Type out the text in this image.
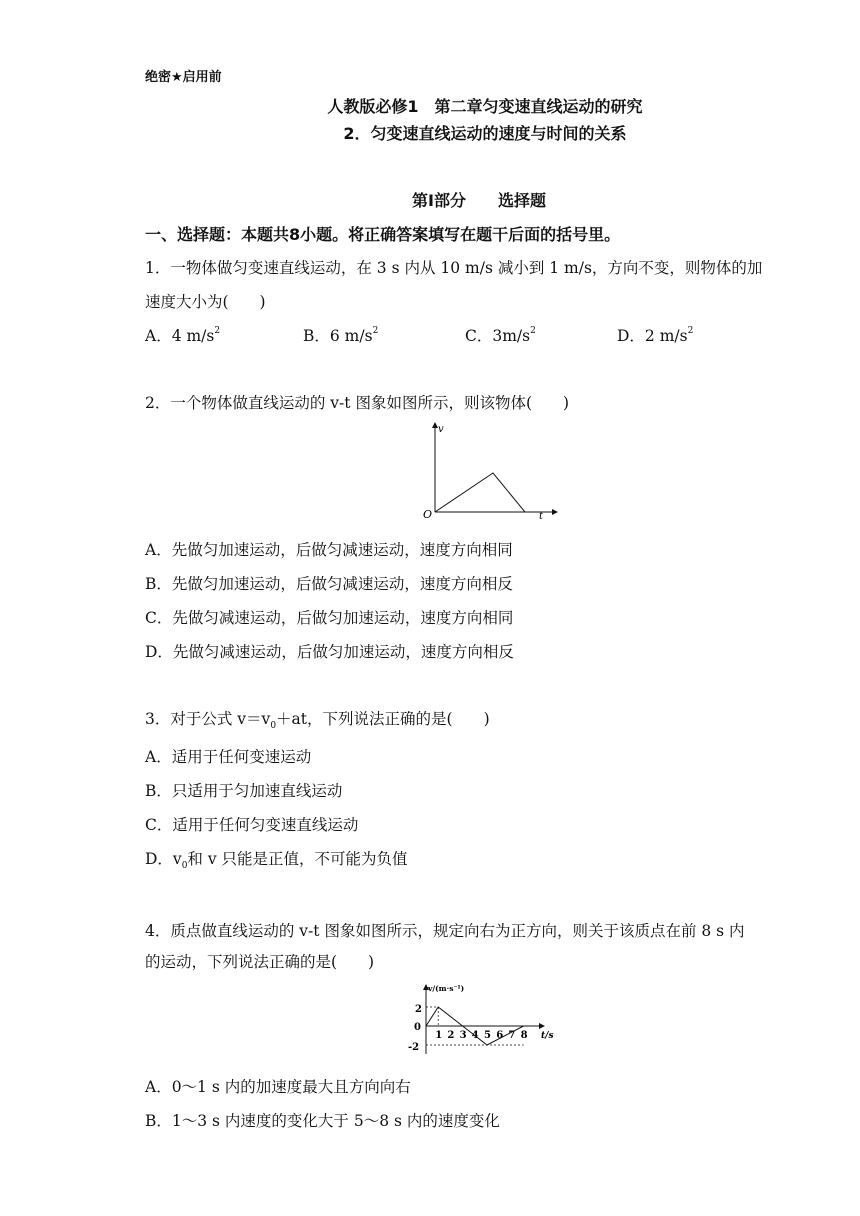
绝密★启用前
人教版必修1　第二章匀变速直线运动的研究
2．匀变速直线运动的速度与时间的关系
第Ⅰ部分　　选择题
一、选择题：本题共8小题。将正确答案填写在题干后面的括号里。
1．一物体做匀变速直线运动，在 3 s 内从 10 m/s 减小到 1 m/s，方向不变，则物体的加
速度大小为(　　)
A．4 $m/s^2$	B．6 $m/s^2$	C．$3m/s^2$	D．2 $m/s^2$
2．一个物体做直线运动的 v-t 图象如图所示，则该物体(　　)
v
t
O
A．先做匀加速运动，后做匀减速运动，速度方向相同
B．先做匀加速运动，后做匀减速运动，速度方向相反
C．先做匀减速运动，后做匀加速运动，速度方向相同
D．先做匀减速运动，后做匀加速运动，速度方向相反
3．对于公式 $v=v_0+at$，下列说法正确的是(　　)
A．适用于任何变速运动
B．只适用于匀加速直线运动
C．适用于任何匀变速直线运动
D．$v_0$和 v 只能是正值，不可能为负值
4．质点做直线运动的 v-t 图象如图所示，规定向右为正方向，则关于该质点在前 8 s 内
的运动，下列说法正确的是(　　)
v/(m·s⁻¹)
t/s
0
2
-2
1 2 3 4 5 6 7 8
A．0～1 s 内的加速度最大且方向向右
B．1～3 s 内速度的变化大于 5～8 s 内的速度变化
